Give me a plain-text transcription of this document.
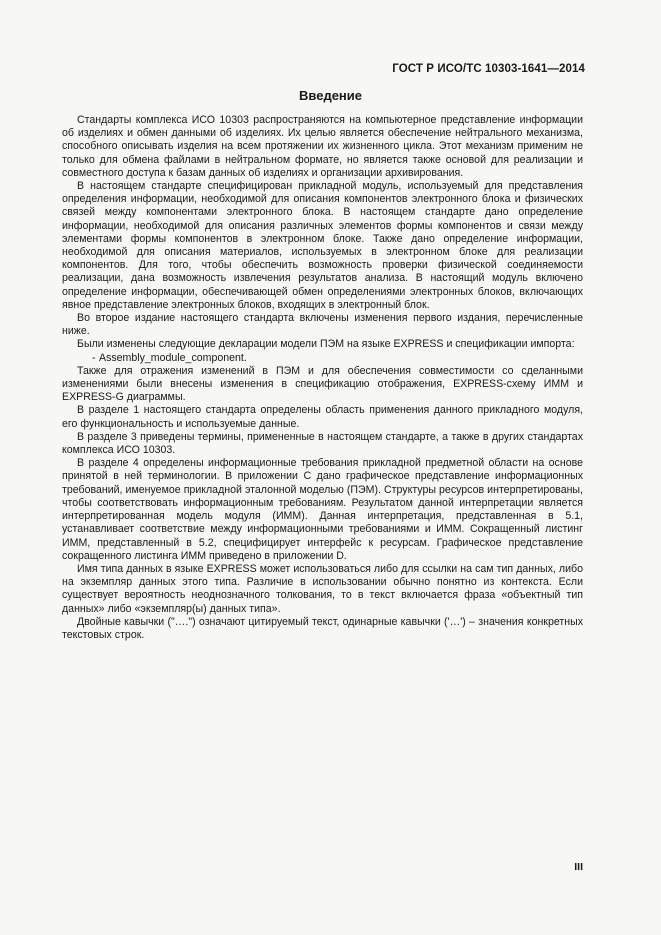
ГОСТ Р ИСО/ТС 10303-1641—2014
Введение

Стандарты комплекса ИСО 10303 распространяются на компьютерное представление информации об изделиях и обмен данными об изделиях. Их целью является обеспечение нейтрального механизма, способного описывать изделия на всем протяжении их жизненного цикла. Этот механизм применим не только для обмена файлами в нейтральном формате, но является также основой для реализации и совместного доступа к базам данных об изделиях и организации архивирования.

В настоящем стандарте специфицирован прикладной модуль, используемый для представления определения информации, необходимой для описания компонентов электронного блока и физических связей между компонентами электронного блока. В настоящем стандарте дано определение информации, необходимой для описания различных элементов формы компонентов и связи между элементами формы компонентов в электронном блоке. Также дано определение информации, необходимой для описания материалов, используемых в электронном блоке для реализации компонентов. Для того, чтобы обеспечить возможность проверки физической соединяемости реализации, дана возможность извлечения результатов анализа. В настоящий модуль включено определение информации, обеспечивающей обмен определениями электронных блоков, включающих явное представление электронных блоков, входящих в электронный блок.

Во второе издание настоящего стандарта включены изменения первого издания, перечисленные ниже.

Были изменены следующие декларации модели ПЭМ на языке EXPRESS и спецификации импорта:

- Assembly_module_component.

Также для отражения изменений в ПЭМ и для обеспечения совместимости со сделанными изменениями были внесены изменения в спецификацию отображения, EXPRESS-схему ИММ и EXPRESS-G диаграммы.

В разделе 1 настоящего стандарта определены область применения данного прикладного модуля, его функциональность и используемые данные.

В разделе 3 приведены термины, примененные в настоящем стандарте, а также в других стандартах комплекса ИСО 10303.

В разделе 4 определены информационные требования прикладной предметной области на основе принятой в ней терминологии. В приложении С дано графическое представление информационных требований, именуемое прикладной эталонной моделью (ПЭМ). Структуры ресурсов интерпретированы, чтобы соответствовать информационным требованиям. Результатом данной интерпретации является интерпретированная модель модуля (ИММ). Данная интерпретация, представленная в 5.1, устанавливает соответствие между информационными требованиями и ИММ. Сокращенный листинг ИММ, представленный в 5.2, специфицирует интерфейс к ресурсам. Графическое представление сокращенного листинга ИММ приведено в приложении D.

Имя типа данных в языке EXPRESS может использоваться либо для ссылки на сам тип данных, либо на экземпляр данных этого типа. Различие в использовании обычно понятно из контекста. Если существует вероятность неоднозначного толкования, то в текст включается фраза «объектный тип данных» либо «экземпляр(ы) данных типа».

Двойные кавычки ("….") означают цитируемый текст, одинарные кавычки ('…') – значения конкретных текстовых строк.

III
